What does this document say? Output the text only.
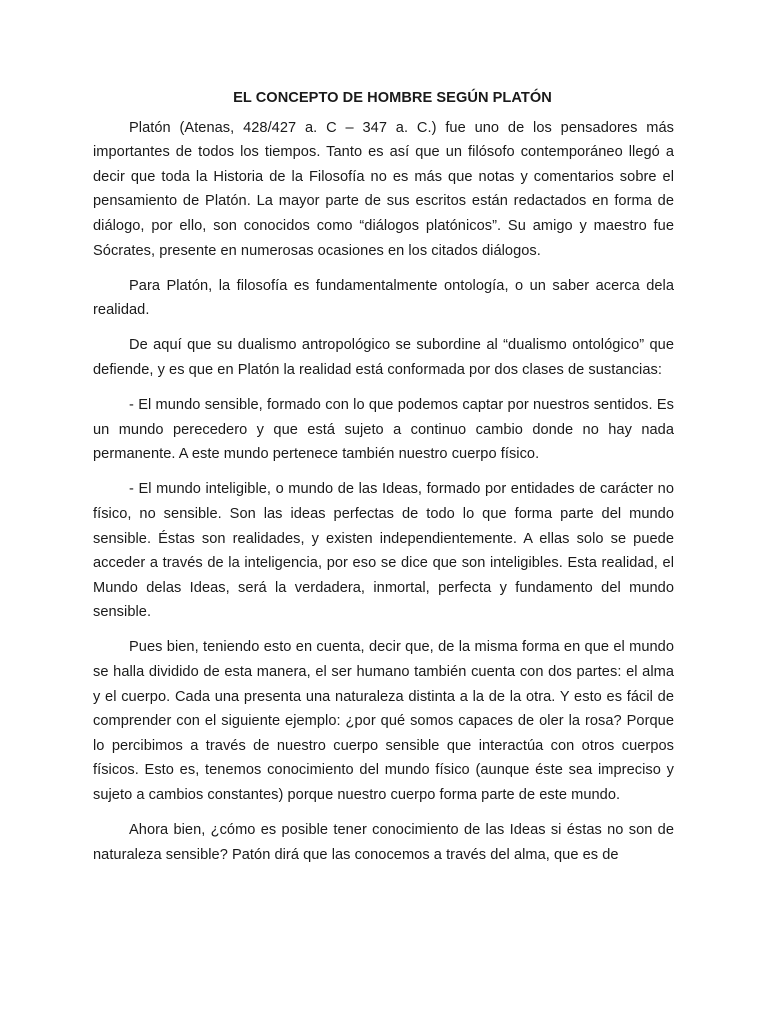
EL CONCEPTO DE HOMBRE SEGÚN PLATÓN

Platón (Atenas, 428/427 a. C – 347 a. C.) fue uno de los pensadores más importantes de todos los tiempos. Tanto es así que un filósofo contemporáneo llegó a decir que toda la Historia de la Filosofía no es más que notas y comentarios sobre el pensamiento de Platón. La mayor parte de sus escritos están redactados en forma de diálogo, por ello, son conocidos como “diálogos platónicos”. Su amigo y maestro fue Sócrates, presente en numerosas ocasiones en los citados diálogos.

Para Platón, la filosofía es fundamentalmente ontología, o un saber acerca dela realidad.

De aquí que su dualismo antropológico se subordine al “dualismo ontológico” que defiende, y es que en Platón la realidad está conformada por dos clases de sustancias:

- El mundo sensible, formado con lo que podemos captar por nuestros sentidos. Es un mundo perecedero y que está sujeto a continuo cambio donde no hay nada permanente. A este mundo pertenece también nuestro cuerpo físico.

- El mundo inteligible, o mundo de las Ideas, formado por entidades de carácter no físico, no sensible. Son las ideas perfectas de todo lo que forma parte del mundo sensible. Éstas son realidades, y existen independientemente. A ellas solo se puede acceder a través de la inteligencia, por eso se dice que son inteligibles. Esta realidad, el Mundo delas Ideas, será la verdadera, inmortal, perfecta y fundamento del mundo sensible.

Pues bien, teniendo esto en cuenta, decir que, de la misma forma en que el mundo se halla dividido de esta manera, el ser humano también cuenta con dos partes: el alma y el cuerpo. Cada una presenta una naturaleza distinta a la de la otra. Y esto es fácil de comprender con el siguiente ejemplo: ¿por qué somos capaces de oler la rosa? Porque lo percibimos a través de nuestro cuerpo sensible que interactúa con otros cuerpos físicos. Esto es, tenemos conocimiento del mundo físico (aunque éste sea impreciso y sujeto a cambios constantes) porque nuestro cuerpo forma parte de este mundo.

Ahora bien, ¿cómo es posible tener conocimiento de las Ideas si éstas no son de naturaleza sensible? Patón dirá que las conocemos a través del alma, que es de
